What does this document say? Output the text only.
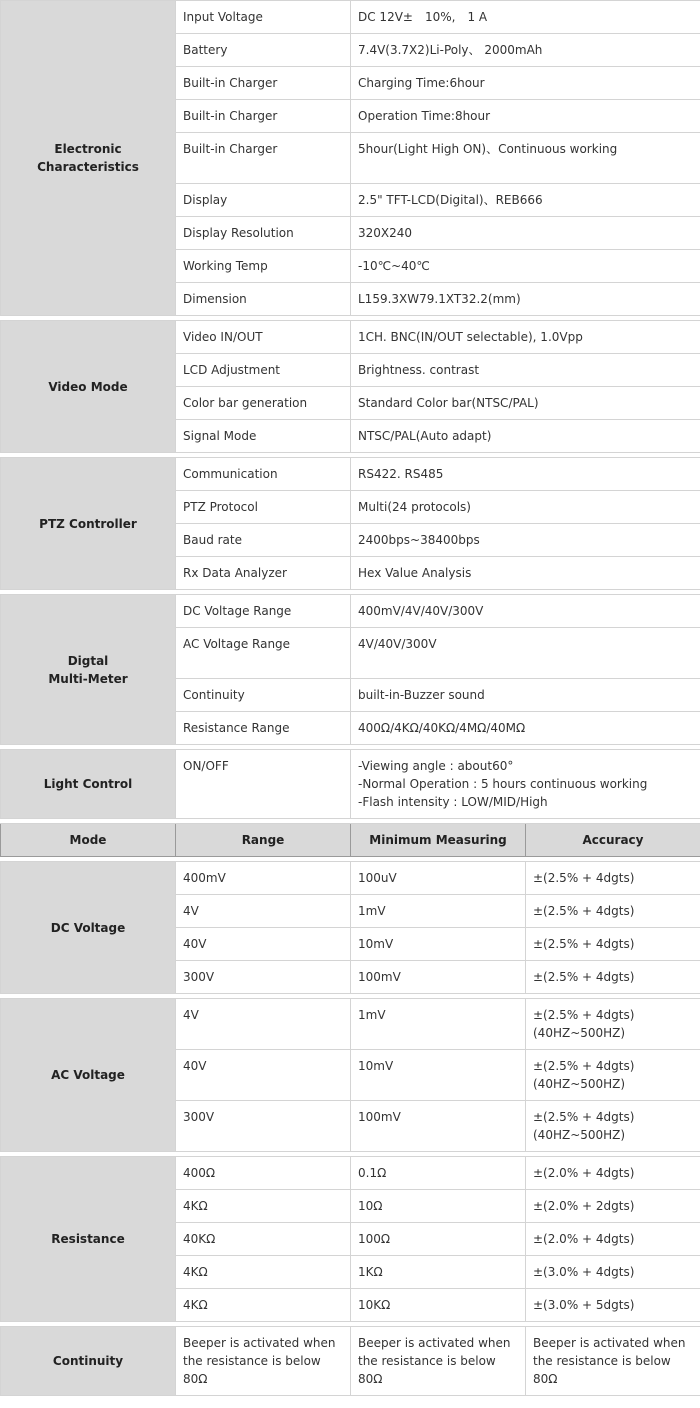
Electronic
Characteristics	Input Voltage	DC 12V±　10%,　1 A	
	Battery	7.4V(3.7X2)Li-Poly、 2000mAh	
	Built-in Charger	Charging Time:6hour	
	Built-in Charger	Operation Time:8hour	
	Built-in Charger	5hour(Light High ON)、Continuous working	
	Display	2.5" TFT-LCD(Digital)、REB666	
	Display Resolution	320X240	
	Working Temp	-10℃~40℃	
	Dimension	L159.3XW79.1XT32.2(mm)	

Video Mode	Video IN/OUT	1CH. BNC(IN/OUT selectable), 1.0Vpp	
	LCD Adjustment	Brightness. contrast	
	Color bar generation	Standard Color bar(NTSC/PAL)	
	Signal Mode	NTSC/PAL(Auto adapt)	

PTZ Controller	Communication	RS422. RS485	
	PTZ Protocol	Multi(24 protocols)	
	Baud rate	2400bps~38400bps	
	Rx Data Analyzer	Hex Value Analysis	

Digtal
Multi-Meter	DC Voltage Range	400mV/4V/40V/300V	
	AC Voltage Range	4V/40V/300V	
	Continuity	built-in-Buzzer sound	
	Resistance Range	400Ω/4KΩ/40KΩ/4MΩ/40MΩ	

Light Control	ON/OFF	-Viewing angle : about60°
-Normal Operation : 5 hours continuous working
-Flash intensity : LOW/MID/High	

Mode	Range	Minimum Measuring	Accuracy

DC Voltage	400mV	100uV	±(2.5% + 4dgts)
	4V	1mV	±(2.5% + 4dgts)
	40V	10mV	±(2.5% + 4dgts)
	300V	100mV	±(2.5% + 4dgts)

AC Voltage	4V	1mV	±(2.5% + 4dgts)
(40HZ~500HZ)
	40V	10mV	±(2.5% + 4dgts)
(40HZ~500HZ)
	300V	100mV	±(2.5% + 4dgts)
(40HZ~500HZ)

Resistance	400Ω	0.1Ω	±(2.0% + 4dgts)
	4KΩ	10Ω	±(2.0% + 2dgts)
	40KΩ	100Ω	±(2.0% + 4dgts)
	4KΩ	1KΩ	±(3.0% + 4dgts)
	4KΩ	10KΩ	±(3.0% + 5dgts)

Continuity	Beeper is activated when
the resistance is below
80Ω	Beeper is activated when
the resistance is below
80Ω	Beeper is activated when
the resistance is below
80Ω
